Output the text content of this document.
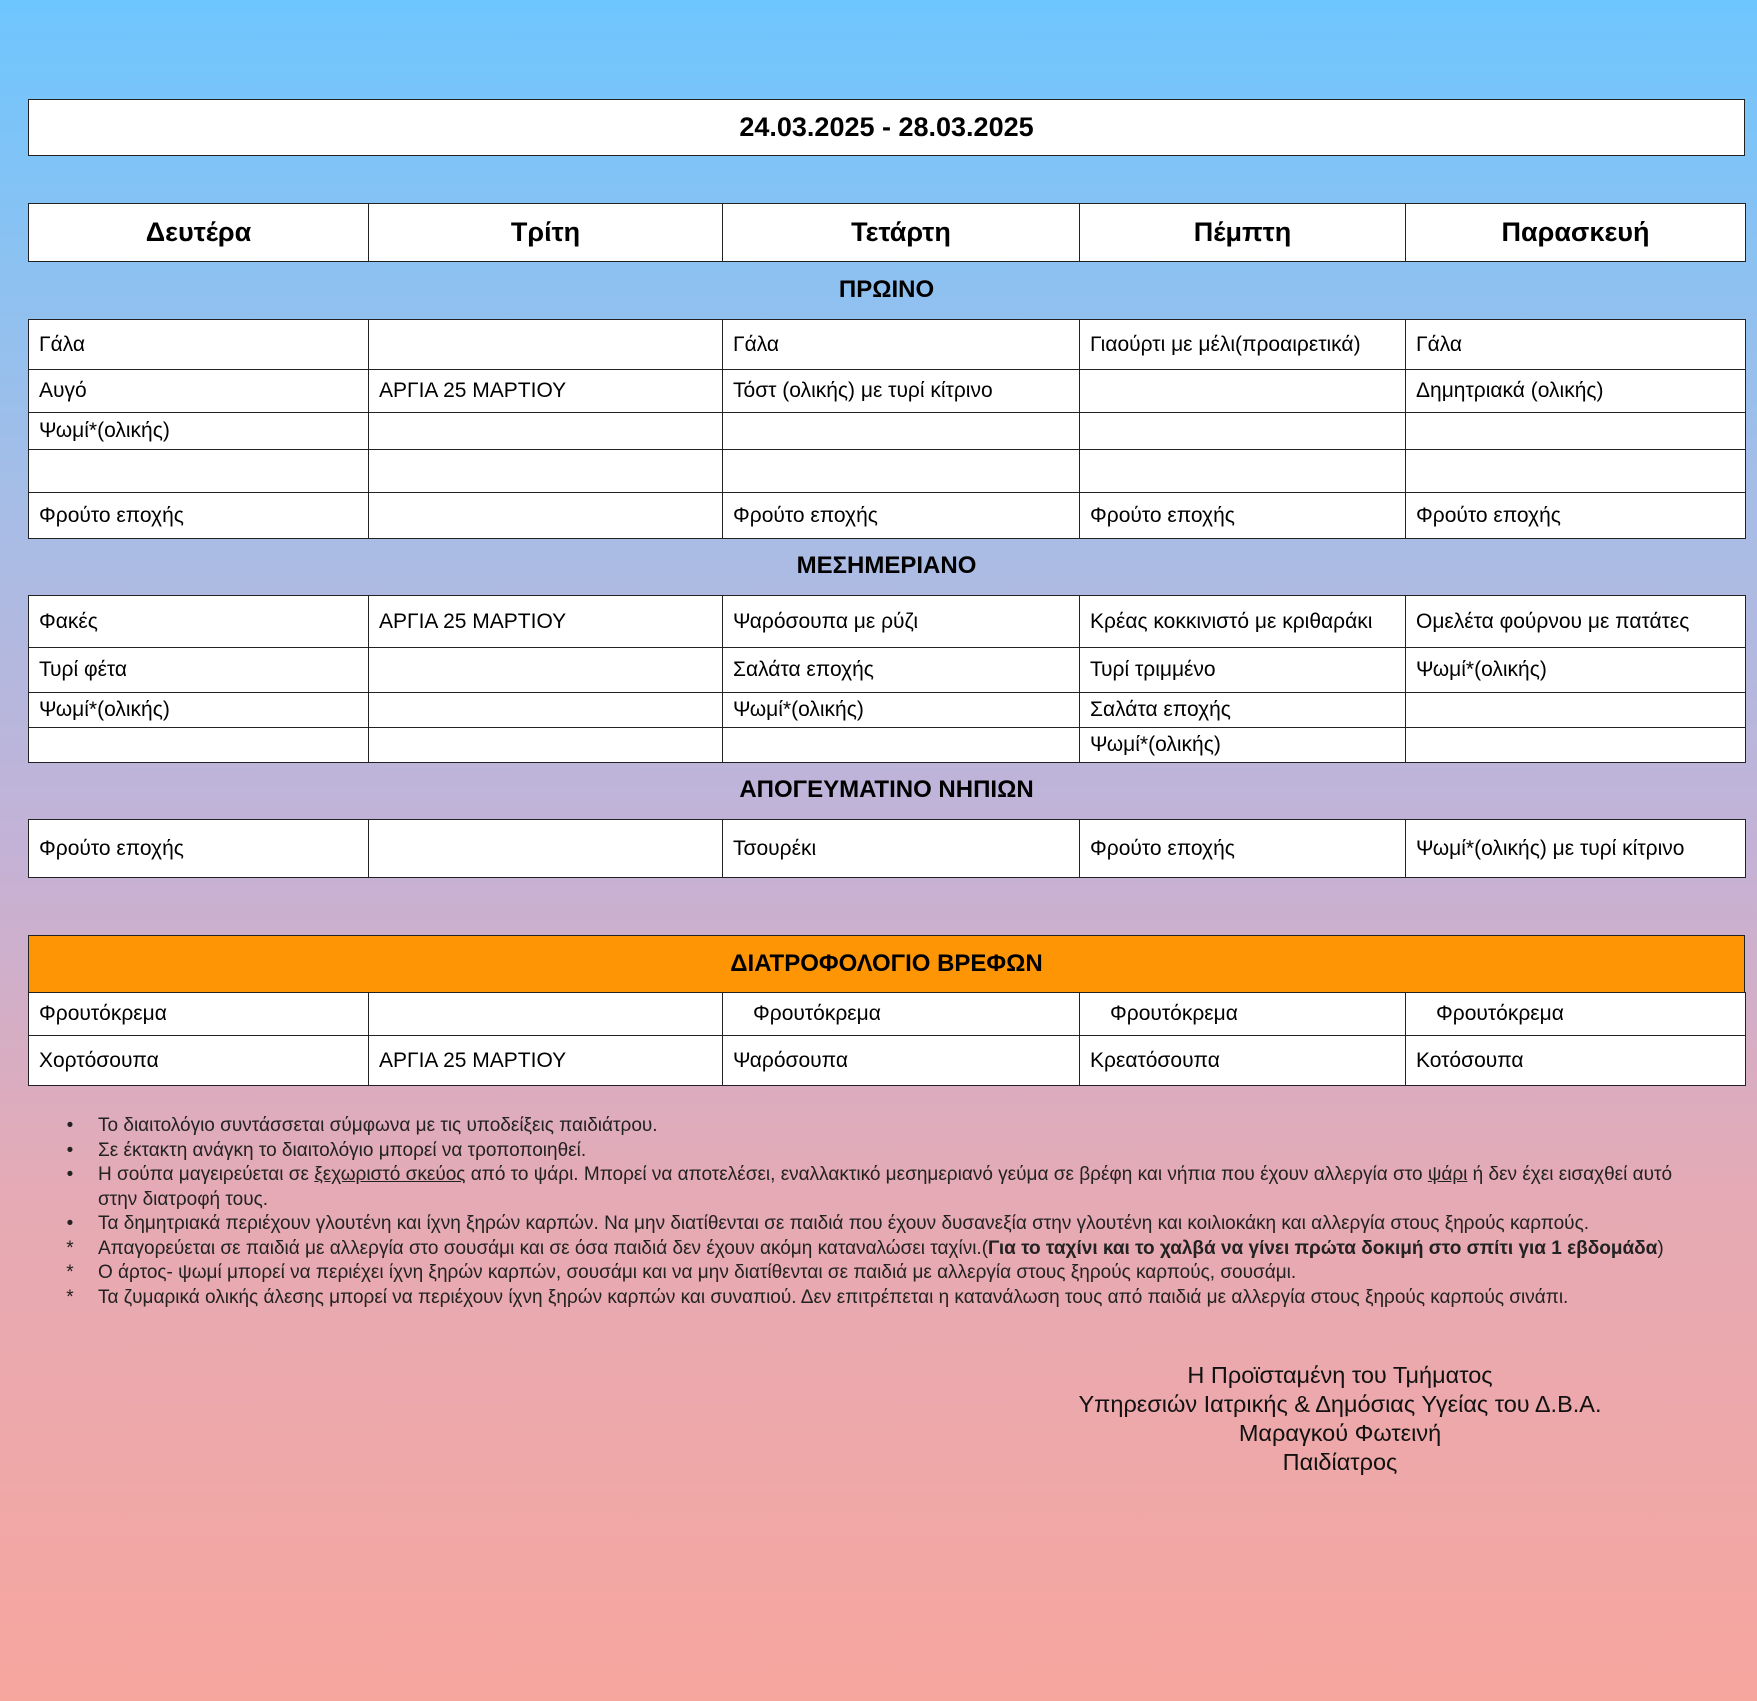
24.03.2025 - 28.03.2025
Δευτέρα	Τρίτη	Τετάρτη	Πέμπτη	Παρασκευή
ΠΡΩΙΝΟ
Γάλα		Γάλα	Γιαούρτι με μέλι(προαιρετικά)	Γάλα
Αυγό	ΑΡΓΙΑ 25 ΜΑΡΤΙΟΥ	Τόστ (ολικής) με τυρί κίτρινο		Δημητριακά (ολικής)
Ψωμί*(ολικής)				

Φρούτο εποχής		Φρούτο εποχής	Φρούτο εποχής	Φρούτο εποχής
ΜΕΣΗΜΕΡΙΑΝΟ
Φακές	ΑΡΓΙΑ 25 ΜΑΡΤΙΟΥ	Ψαρόσουπα με ρύζι	Κρέας κοκκινιστό με κριθαράκι	Ομελέτα φούρνου με πατάτες
Τυρί φέτα		Σαλάτα εποχής	Τυρί τριμμένο	Ψωμί*(ολικής)
Ψωμί*(ολικής)		Ψωμί*(ολικής)	Σαλάτα εποχής	
			Ψωμί*(ολικής)	
ΑΠΟΓΕΥΜΑΤΙΝΟ ΝΗΠΙΩΝ
Φρούτο εποχής		Τσουρέκι	Φρούτο εποχής	Ψωμί*(ολικής) με τυρί κίτρινο
ΔΙΑΤΡΟΦΟΛΟΓΙΟ ΒΡΕΦΩΝ
Φρουτόκρεμα		Φρουτόκρεμα	Φρουτόκρεμα	Φρουτόκρεμα
Χορτόσουπα	ΑΡΓΙΑ 25 ΜΑΡΤΙΟΥ	Ψαρόσουπα	Κρεατόσουπα	Κοτόσουπα
•	Το διαιτολόγιο συντάσσεται σύμφωνα με τις υποδείξεις παιδιάτρου.
•	Σε έκτακτη ανάγκη το διαιτολόγιο μπορεί να τροποποιηθεί.
•	Η σούπα μαγειρεύεται σε ξεχωριστό σκεύος από το ψάρι. Μπορεί να αποτελέσει, εναλλακτικό μεσημεριανό γεύμα σε βρέφη και νήπια που έχουν αλλεργία στο ψάρι ή δεν έχει εισαχθεί αυτό στην διατροφή τους.
•	Τα δημητριακά περιέχουν γλουτένη και ίχνη ξηρών καρπών. Να μην διατίθενται σε παιδιά που έχουν δυσανεξία στην γλουτένη και κοιλιοκάκη και αλλεργία στους ξηρούς καρπούς.
*	Απαγορεύεται σε παιδιά με αλλεργία στο σουσάμι και σε όσα παιδιά δεν έχουν ακόμη καταναλώσει ταχίνι.(Για το ταχίνι και το χαλβά να γίνει πρώτα δοκιμή στο σπίτι για 1 εβδομάδα)
*	Ο άρτος- ψωμί μπορεί να περιέχει ίχνη ξηρών καρπών, σουσάμι και να μην διατίθενται σε παιδιά με αλλεργία στους ξηρούς καρπούς, σουσάμι.
*	Τα ζυμαρικά ολικής άλεσης μπορεί να περιέχουν ίχνη ξηρών καρπών και συναπιού. Δεν επιτρέπεται η κατανάλωση τους από παιδιά με αλλεργία στους ξηρούς καρπούς σινάπι.
Η Προϊσταμένη του Τμήματος
Υπηρεσιών Ιατρικής & Δημόσιας Υγείας του Δ.Β.Α.
Μαραγκού Φωτεινή
Παιδίατρος
